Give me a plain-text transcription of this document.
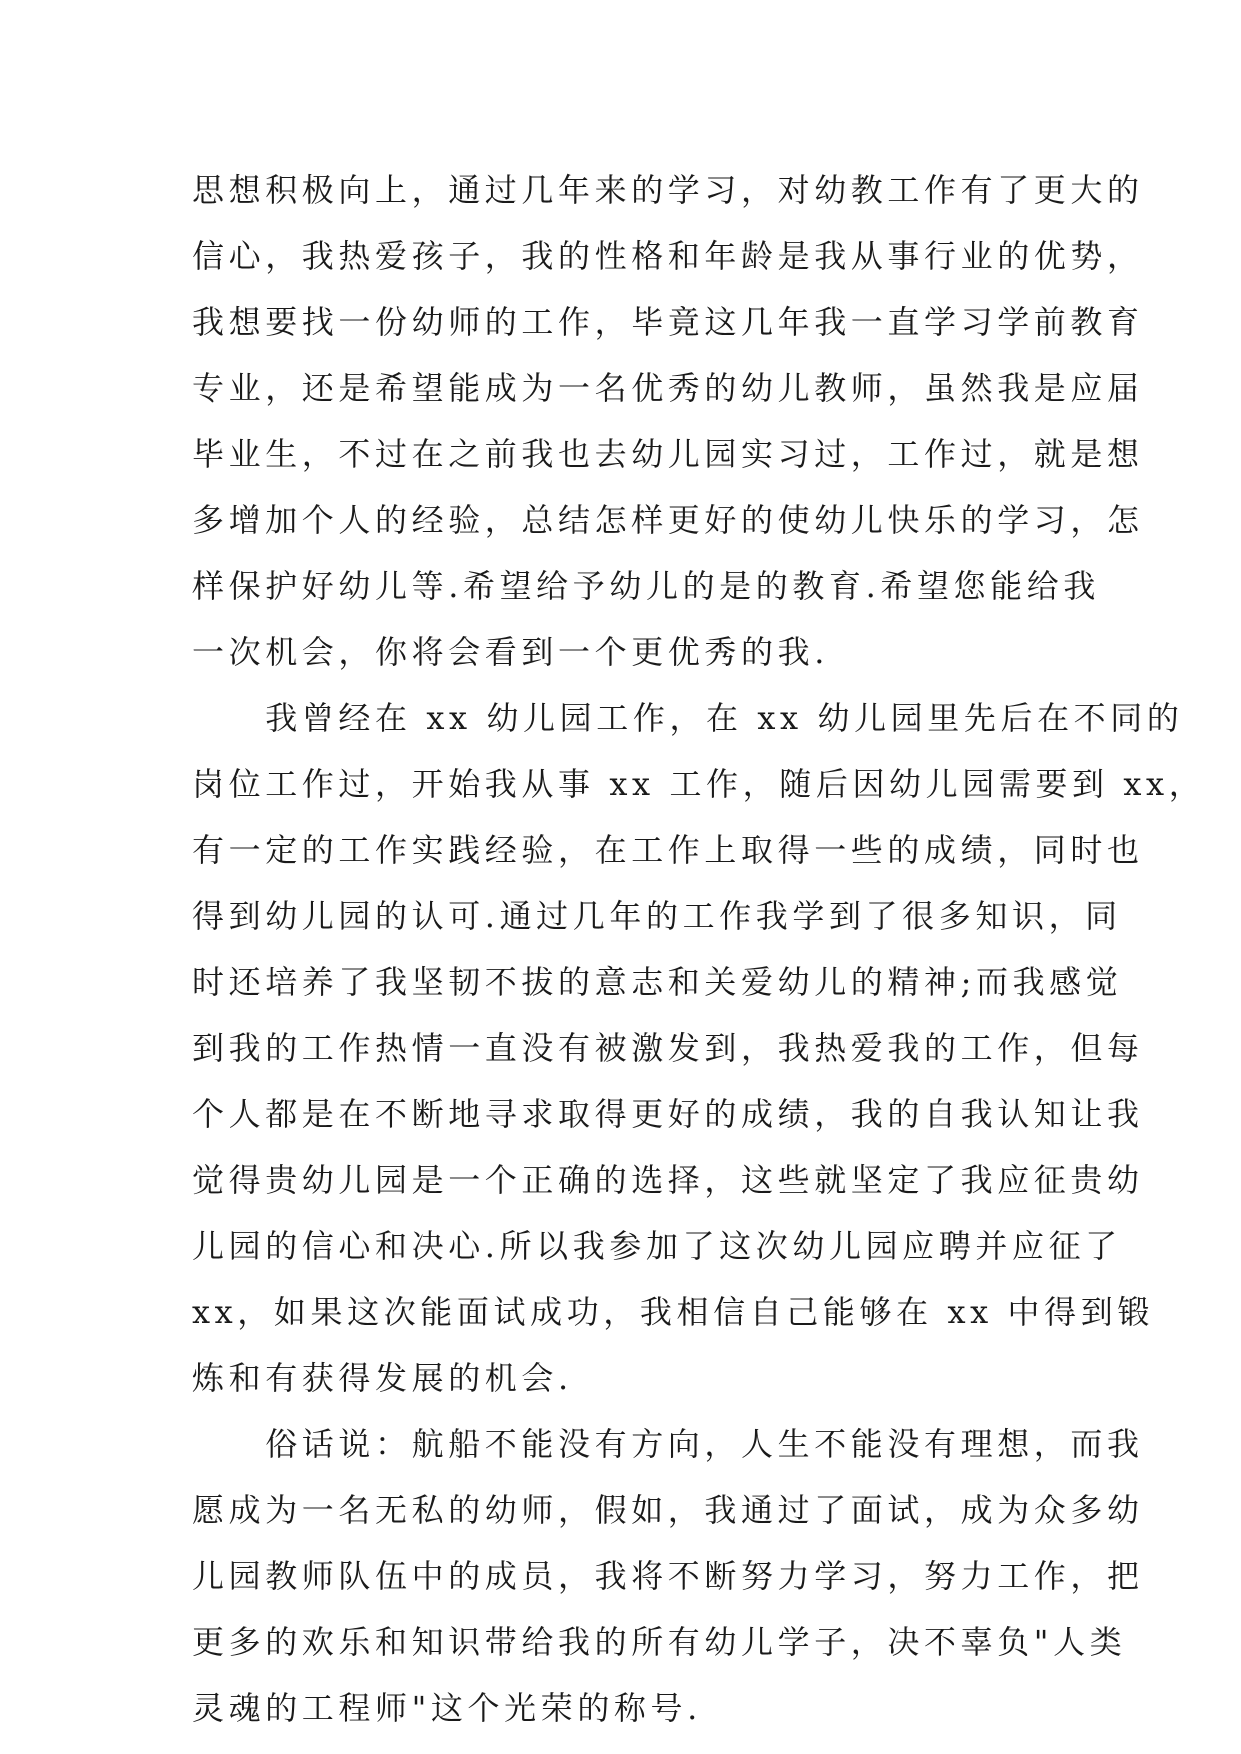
思想积极向上，通过几年来的学习，对幼教工作有了更大的
信心，我热爱孩子，我的性格和年龄是我从事行业的优势，
我想要找一份幼师的工作，毕竟这几年我一直学习学前教育
专业，还是希望能成为一名优秀的幼儿教师，虽然我是应届
毕业生，不过在之前我也去幼儿园实习过，工作过，就是想
多增加个人的经验，总结怎样更好的使幼儿快乐的学习，怎
样保护好幼儿等.希望给予幼儿的是的教育.希望您能给我
一次机会，你将会看到一个更优秀的我.
　　我曾经在 xx 幼儿园工作，在 xx 幼儿园里先后在不同的
岗位工作过，开始我从事 xx 工作，随后因幼儿园需要到 xx，
有一定的工作实践经验，在工作上取得一些的成绩，同时也
得到幼儿园的认可.通过几年的工作我学到了很多知识，同
时还培养了我坚韧不拔的意志和关爱幼儿的精神;而我感觉
到我的工作热情一直没有被激发到，我热爱我的工作，但每
个人都是在不断地寻求取得更好的成绩，我的自我认知让我
觉得贵幼儿园是一个正确的选择，这些就坚定了我应征贵幼
儿园的信心和决心.所以我参加了这次幼儿园应聘并应征了
xx，如果这次能面试成功，我相信自己能够在 xx 中得到锻
炼和有获得发展的机会.
　　俗话说：航船不能没有方向，人生不能没有理想，而我
愿成为一名无私的幼师，假如，我通过了面试，成为众多幼
儿园教师队伍中的成员，我将不断努力学习，努力工作，把
更多的欢乐和知识带给我的所有幼儿学子，决不辜负"人类
灵魂的工程师"这个光荣的称号.
